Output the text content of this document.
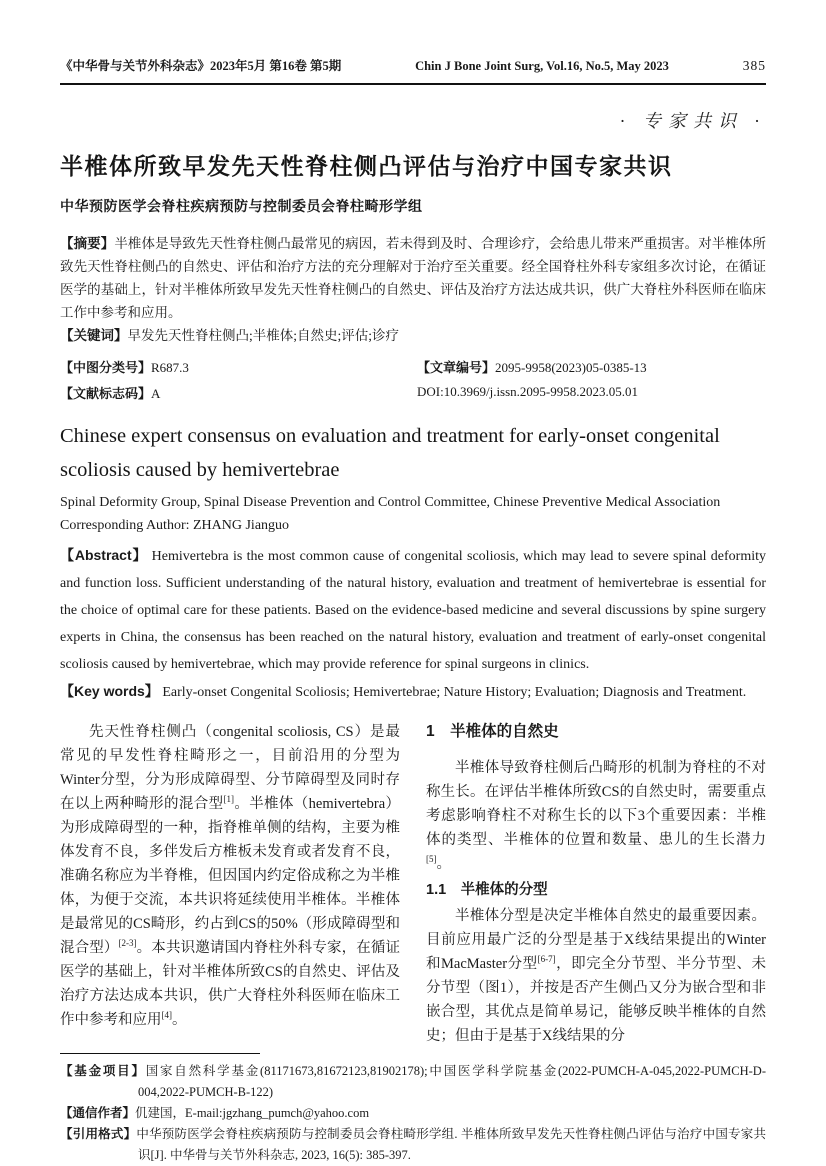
《中华骨与关节外科杂志》2023年5月 第16卷 第5期	Chin J Bone Joint Surg, Vol.16, No.5, May 2023	385
· 专家共识 ·
半椎体所致早发先天性脊柱侧凸评估与治疗中国专家共识
中华预防医学会脊柱疾病预防与控制委员会脊柱畸形学组

【摘要】半椎体是导致先天性脊柱侧凸最常见的病因，若未得到及时、合理诊疗，会给患儿带来严重损害。对半椎体所致先天性脊柱侧凸的自然史、评估和治疗方法的充分理解对于治疗至关重要。经全国脊柱外科专家组多次讨论，在循证医学的基础上，针对半椎体所致早发先天性脊柱侧凸的自然史、评估及治疗方法达成共识，供广大脊柱外科医师在临床工作中参考和应用。

【关键词】早发先天性脊柱侧凸;半椎体;自然史;评估;诊疗

【中图分类号】R687.3	【文章编号】2095-9958(2023)05-0385-13
【文献标志码】A	DOI:10.3969/j.issn.2095-9958.2023.05.01
Chinese expert consensus on evaluation and treatment for early-onset congenital scoliosis caused by hemivertebrae
Spinal Deformity Group, Spinal Disease Prevention and Control Committee, Chinese Preventive Medical Association
Corresponding Author: ZHANG Jianguo

【Abstract】 Hemivertebra is the most common cause of congenital scoliosis, which may lead to severe spinal deformity and function loss. Sufficient understanding of the natural history, evaluation and treatment of hemivertebrae is essential for the choice of optimal care for these patients. Based on the evidence-based medicine and several discussions by spine surgery experts in China, the consensus has been reached on the natural history, evaluation and treatment of early-onset congenital scoliosis caused by hemivertebrae, which may provide reference for spinal surgeons in clinics.

【Key words】 Early-onset Congenital Scoliosis; Hemivertebrae; Nature History; Evaluation; Diagnosis and Treatment.

先天性脊柱侧凸（congenital scoliosis, CS）是最常见的早发性脊柱畸形之一，目前沿用的分型为Winter分型，分为形成障碍型、分节障碍型及同时存在以上两种畸形的混合型[1]。半椎体（hemivertebra）为形成障碍型的一种，指脊椎单侧的结构，主要为椎体发育不良，多伴发后方椎板未发育或者发育不良，准确名称应为半脊椎，但因国内约定俗成称之为半椎体，为便于交流，本共识将延续使用半椎体。半椎体是最常见的CS畸形，约占到CS的50%（形成障碍型和混合型）[2-3]。本共识邀请国内脊柱外科专家，在循证医学的基础上，针对半椎体所致CS的自然史、评估及治疗方法达成本共识，供广大脊柱外科医师在临床工作中参考和应用[4]。

1　半椎体的自然史

半椎体导致脊柱侧后凸畸形的机制为脊柱的不对称生长。在评估半椎体所致CS的自然史时，需要重点考虑影响脊柱不对称生长的以下3个重要因素：半椎体的类型、半椎体的位置和数量、患儿的生长潜力[5]。

1.1　半椎体的分型

半椎体分型是决定半椎体自然史的最重要因素。目前应用最广泛的分型是基于X线结果提出的Winter和MacMaster分型[6-7]，即完全分节型、半分节型、未分节型（图1），并按是否产生侧凸又分为嵌合型和非嵌合型，其优点是简单易记，能够反映半椎体的自然史；但由于是基于X线结果的分

【基金项目】国家自然科学基金(81171673,81672123,81902178);中国医学科学院基金(2022-PUMCH-A-045,2022-PUMCH-D-004,2022-PUMCH-B-122)
【通信作者】仉建国，E-mail:jgzhang_pumch@yahoo.com
【引用格式】中华预防医学会脊柱疾病预防与控制委员会脊柱畸形学组. 半椎体所致早发先天性脊柱侧凸评估与治疗中国专家共识[J]. 中华骨与关节外科杂志, 2023, 16(5): 385-397.
